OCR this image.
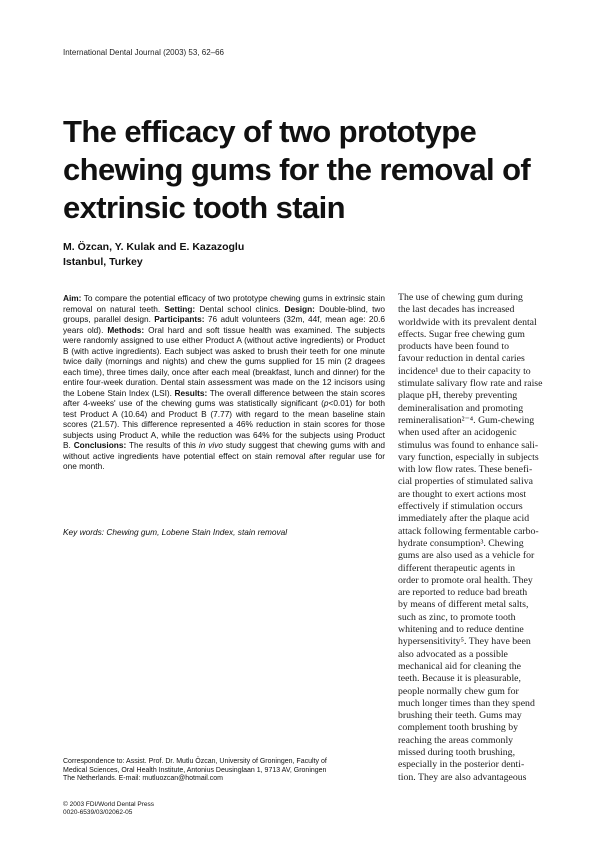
International Dental Journal (2003) 53, 62–66
The efficacy of two prototype
chewing gums for the removal of
extrinsic tooth stain
M. Özcan, Y. Kulak and E. Kazazoglu
Istanbul, Turkey

Aim: To compare the potential efficacy of two prototype chewing gums in extrinsic stain removal on natural teeth. Setting: Dental school clinics. Design: Double-blind, two groups, parallel design. Participants: 76 adult volunteers (32m, 44f, mean age: 20.6 years old). Methods: Oral hard and soft tissue health was examined. The subjects were randomly assigned to use either Product A (without active ingredients) or Product B (with active ingredients). Each subject was asked to brush their teeth for one minute twice daily (mornings and nights) and chew the gums supplied for 15 min (2 dragees each time), three times daily, once after each meal (breakfast, lunch and dinner) for the entire four-week duration. Dental stain assessment was made on the 12 incisors using the Lobene Stain Index (LSI). Results: The overall difference between the stain scores after 4-weeks' use of the chewing gums was statistically significant (p<0.01) for both test Product A (10.64) and Product B (7.77) with regard to the mean baseline stain scores (21.57). This difference represented a 46% reduction in stain scores for those subjects using Product A, while the reduction was 64% for the subjects using Product B. Conclusions: The results of this in vivo study suggest that chewing gums with and without active ingredients have potential effect on stain removal after regular use for one month.

Key words: Chewing gum, Lobene Stain Index, stain removal

Correspondence to: Assist. Prof. Dr. Mutlu Özcan, University of Groningen, Faculty of
Medical Sciences, Oral Health Institute, Antonius Deusinglaan 1, 9713 AV, Groningen
The Netherlands. E-mail: mutluozcan@hotmail.com

© 2003 FDI/World Dental Press
0020-6539/03/02062-05
The use of chewing gum during
the last decades has increased
worldwide with its prevalent dental
effects. Sugar free chewing gum
products have been found to
favour reduction in dental caries
incidence¹ due to their capacity to
stimulate salivary flow rate and raise
plaque pH, thereby preventing
demineralisation and promoting
remineralisation²⁻⁴. Gum-chewing
when used after an acidogenic
stimulus was found to enhance sali-
vary function, especially in subjects
with low flow rates. These benefi-
cial properties of stimulated saliva
are thought to exert actions most
effectively if stimulation occurs
immediately after the plaque acid
attack following fermentable carbo-
hydrate consumption³. Chewing
gums are also used as a vehicle for
different therapeutic agents in
order to promote oral health. They
are reported to reduce bad breath
by means of different metal salts,
such as zinc, to promote tooth
whitening and to reduce dentine
hypersensitivity⁵. They have been
also advocated as a possible
mechanical aid for cleaning the
teeth. Because it is pleasurable,
people normally chew gum for
much longer times than they spend
brushing their teeth. Gums may
complement tooth brushing by
reaching the areas commonly
missed during tooth brushing,
especially in the posterior denti-
tion. They are also advantageous
